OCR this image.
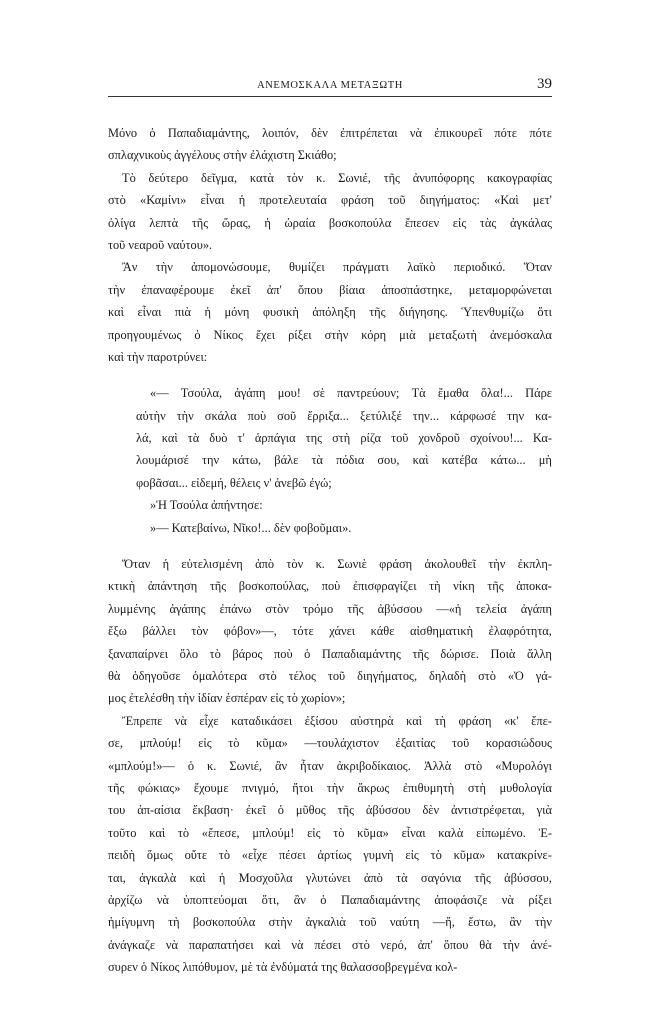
ΑΝΕΜΟΣΚΑΛΑ ΜΕΤΑΞΩΤΗ	39
Μόνο ὁ Παπαδιαμάντης, λοιπόν, δὲν ἐπιτρέπεται νὰ ἐπικουρεῖ πότε πότε
σπλαχνικοὺς ἀγγέλους στὴν ἐλάχιστη Σκιάθο;
Τὸ δεύτερο δεῖγμα, κατὰ τὸν κ. Σωνιέ, τῆς ἀνυπόφορης κακογραφίας
στὸ «Καμίνι» εἶναι ἡ προτελευταία φράση τοῦ διηγήματος: «Καὶ μετ'
ὀλίγα λεπτὰ τῆς ὥρας, ἡ ὡραία βοσκοπούλα ἔπεσεν εἰς τὰς ἀγκάλας
τοῦ νεαροῦ ναύτου».
Ἂν τὴν ἀπομονώσουμε, θυμίζει πράγματι λαϊκὸ περιοδικό. Ὅταν
τὴν ἐπαναφέρουμε ἐκεῖ ἀπ' ὅπου βίαια ἀποσπάστηκε, μεταμορφώνεται
καὶ εἶναι πιὰ ἡ μόνη φυσικὴ ἀπόληξη τῆς διήγησης. Ὑπενθυμίζω ὅτι
προηγουμένως ὁ Νίκος ἔχει ρίξει στὴν κόρη μιὰ μεταξωτὴ ἀνεμόσκαλα
καὶ τὴν παροτρύνει:
«— Τσούλα, ἀγάπη μου! σὲ παντρεύουν; Τὰ ἔμαθα ὅλα!... Πάρε
αὐτὴν τὴν σκάλα ποὺ σοῦ ἔρριξα... ξετύλιξέ την... κάρφωσέ την κα-
λά, καὶ τὰ δυὸ τ' ἁρπάγια της στὴ ρίζα τοῦ χονδροῦ σχοίνου!... Κα-
λουμάρισέ την κάτω, βάλε τὰ πόδια σου, καὶ κατέβα κάτω... μὴ
φοβᾶσαι... εἰδεμή, θέλεις ν' ἀνεβῶ ἐγώ;
»Ἡ Τσούλα ἀπήντησε:
»— Κατεβαίνω, Νῖκο!... δὲν φοβοῦμαι».
Ὅταν ἡ εὐτελισμένη ἀπὸ τὸν κ. Σωνιὲ φράση ἀκολουθεῖ τὴν ἐκπλη-
κτικὴ ἀπάντηση τῆς βοσκοπούλας, ποὺ ἐπισφραγίζει τὴ νίκη τῆς ἀποκα-
λυμμένης ἀγάπης ἐπάνω στὸν τρόμο τῆς ἀβύσσου —«ἡ τελεία ἀγάπη
ἔξω βάλλει τὸν φόβον»—, τότε χάνει κάθε αἰσθηματικὴ ἐλαφρότητα,
ξαναπαίρνει ὅλο τὸ βάρος ποὺ ὁ Παπαδιαμάντης τῆς δώρισε. Ποιὰ ἄλλη
θὰ ὁδηγοῦσε ὁμαλότερα στὸ τέλος τοῦ διηγήματος, δηλαδὴ στὸ «Ὁ γά-
μος ἐτελέσθη τὴν ἰδίαν ἑσπέραν εἰς τὸ χωρίον»;
Ἔπρεπε νὰ εἶχε καταδικάσει ἐξίσου αὐστηρὰ καὶ τὴ φράση «κ' ἔπε-
σε, μπλούμ! εἰς τὸ κῦμα» —τουλάχιστον ἐξαιτίας τοῦ κορασιώδους
«μπλούμ!»— ὁ κ. Σωνιέ, ἂν ἦταν ἀκριβοδίκαιος. Ἀλλὰ στὸ «Μυρολόγι
τῆς φώκιας» ἔχουμε πνιγμό, ἤτοι τὴν ἄκρως ἐπιθυμητὴ στὴ μυθολογία
του ἀπ-αίσια ἔκβαση· ἐκεῖ ὁ μῦθος τῆς ἀβύσσου δὲν ἀντιστρέφεται, γιὰ
τοῦτο καὶ τὸ «ἔπεσε, μπλούμ! εἰς τὸ κῦμα» εἶναι καλὰ εἰπωμένο. Ἐ-
πειδὴ ὅμως οὔτε τὸ «εἶχε πέσει ἀρτίως γυμνὴ εἰς τὸ κῦμα» κατακρίνε-
ται, ἀγκαλὰ καὶ ἡ Μοσχοῦλα γλυτώνει ἀπὸ τὰ σαγόνια τῆς ἀβύσσου,
ἀρχίζω νὰ ὑποπτεύομαι ὅτι, ἂν ὁ Παπαδιαμάντης ἀποφάσιζε νὰ ρίξει
ἡμίγυμνη τὴ βοσκοπούλα στὴν ἀγκαλιὰ τοῦ ναύτη —ἤ, ἔστω, ἂν τὴν
ἀνάγκαζε νὰ παραπατήσει καὶ νὰ πέσει στὸ νερό, ἀπ' ὅπου θὰ τὴν ἀνέ-
συρεν ὁ Νίκος λιπόθυμον, μὲ τὰ ἐνδύματά της θαλασσοβρεγμένα κολ-
